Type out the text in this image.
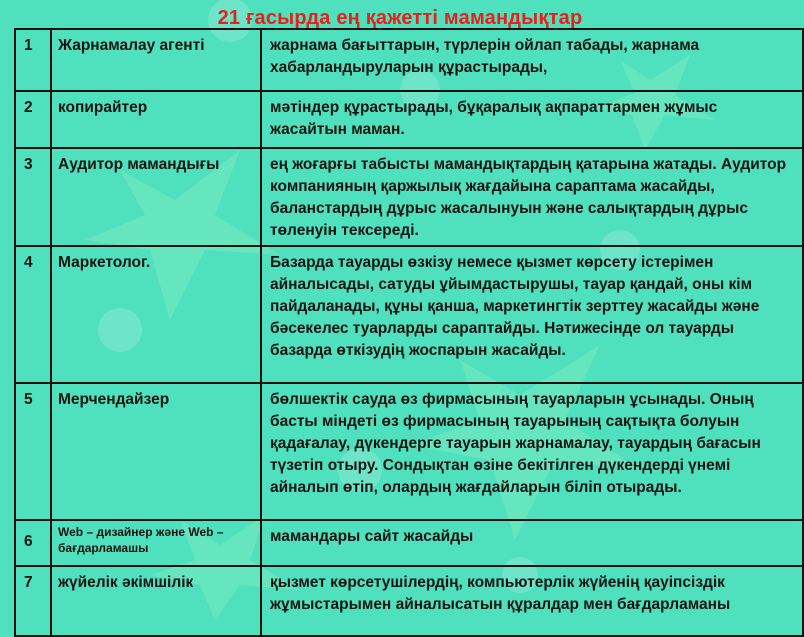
21 ғасырда ең қажетті мамандықтар
1	Жарнамалау агенті	жарнама бағыттарын, түрлерін ойлап табады, жарнама хабарландыруларын құрастырады,
2	копирайтер	мәтіндер құрастырады, бұқаралық ақпараттармен жұмыс жасайтын маман.
3	Аудитор мамандығы	ең жоғарғы табысты мамандықтардың қатарына жатады. Аудитор компанияның қаржылық жағдайына сараптама жасайды, баланстардың дұрыс жасалынуын және салықтардың дұрыс төленуін тексереді.
4	Маркетолог.	Базарда тауарды өзкізу немесе қызмет көрсету істерімен айналысады, сатуды ұйымдастырушы, тауар қандай, оны кім пайдаланады, құны қанша, маркетингтік зерттеу жасайды және бәсекелес туарларды сараптайды. Нәтижесінде ол тауарды базарда өткізудің жоспарын жасайды.
5	Мерчендайзер	бөлшектік сауда өз фирмасының тауарларын ұсынады. Оның басты міндеті өз фирмасының тауарының сақтықта болуын қадағалау, дүкендерге тауарын жарнамалау, тауардың бағасын түзетіп отыру. Сондықтан өзіне бекітілген дүкендерді үнемі айналып өтіп, олардың жағдайларын біліп отырады.
6	Web – дизайнер және Web – бағдарламашы	мамандары сайт жасайды
7	жүйелік әкімшілік	қызмет көрсетушілердің, компьютерлік жүйенің қауіпсіздік жұмыстарымен айналысатын құралдар мен бағдарламаны
